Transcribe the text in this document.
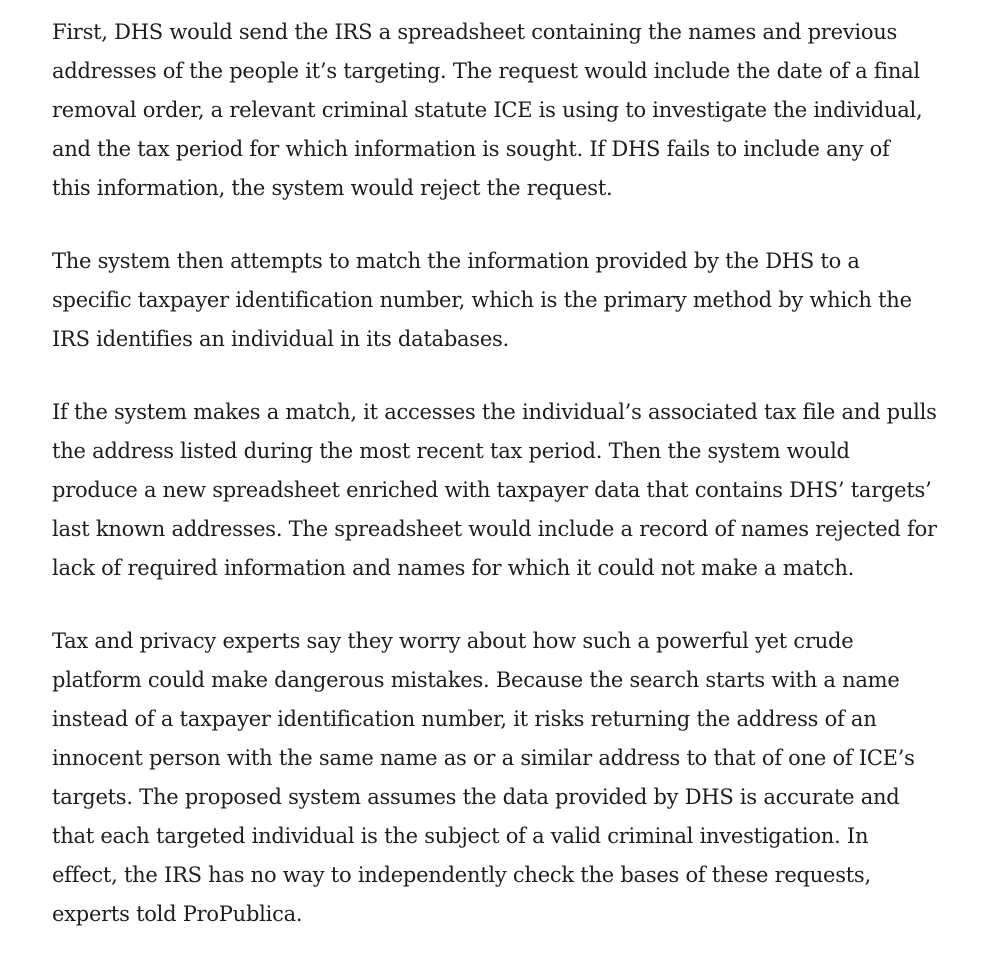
First, DHS would send the IRS a spreadsheet containing the names and previous
addresses of the people it’s targeting. The request would include the date of a final
removal order, a relevant criminal statute ICE is using to investigate the individual,
and the tax period for which information is sought. If DHS fails to include any of
this information, the system would reject the request.

The system then attempts to match the information provided by the DHS to a
specific taxpayer identification number, which is the primary method by which the
IRS identifies an individual in its databases.

If the system makes a match, it accesses the individual’s associated tax file and pulls
the address listed during the most recent tax period. Then the system would
produce a new spreadsheet enriched with taxpayer data that contains DHS’ targets’
last known addresses. The spreadsheet would include a record of names rejected for
lack of required information and names for which it could not make a match.

Tax and privacy experts say they worry about how such a powerful yet crude
platform could make dangerous mistakes. Because the search starts with a name
instead of a taxpayer identification number, it risks returning the address of an
innocent person with the same name as or a similar address to that of one of ICE’s
targets. The proposed system assumes the data provided by DHS is accurate and
that each targeted individual is the subject of a valid criminal investigation. In
effect, the IRS has no way to independently check the bases of these requests,
experts told ProPublica.
